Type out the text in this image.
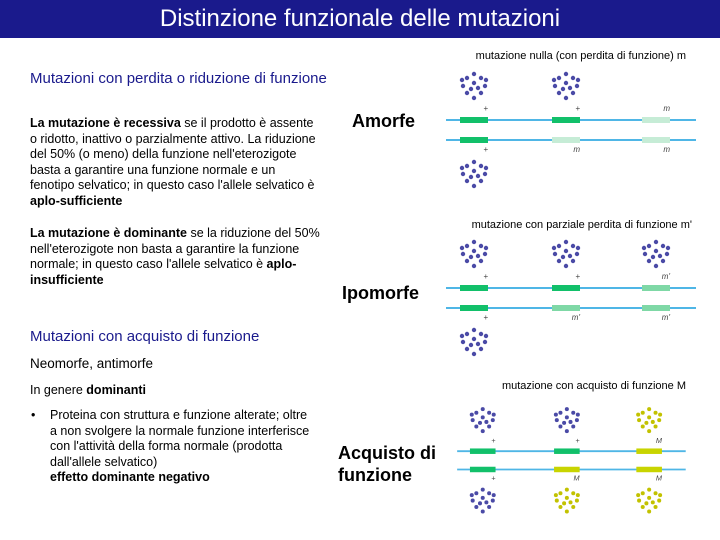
Distinzione funzionale delle mutazioni
Mutazioni con perdita o riduzione di funzione
La mutazione è recessiva se il prodotto è assente o ridotto, inattivo o parzialmente attivo. La riduzione del 50% (o meno) della funzione nell'eterozigote basta a garantire una funzione normale e un fenotipo selvatico; in questo caso l'allele selvatico è aplo-sufficiente
La mutazione è dominante se la riduzione del 50% nell'eterozigote non basta a garantire la funzione normale; in questo caso l'allele selvatico è aplo-insufficiente
Mutazioni con acquisto di funzione
Neomorfe, antimorfe
In genere dominanti
• Proteina con struttura e funzione alterate; oltre a non svolgere la normale funzione interferisce con l'attività della forma normale (prodotta dall'allele selvatico)
effetto dominante negativo
mutazione nulla (con perdita di funzione) m
Amorfe
+
+
+
m
m
m
mutazione con parziale perdita di funzione m'
Ipomorfe
+
+
+
m'
m'
m'
mutazione con acquisto di funzione M
Acquisto di funzione
+
+
+
M
M
M
